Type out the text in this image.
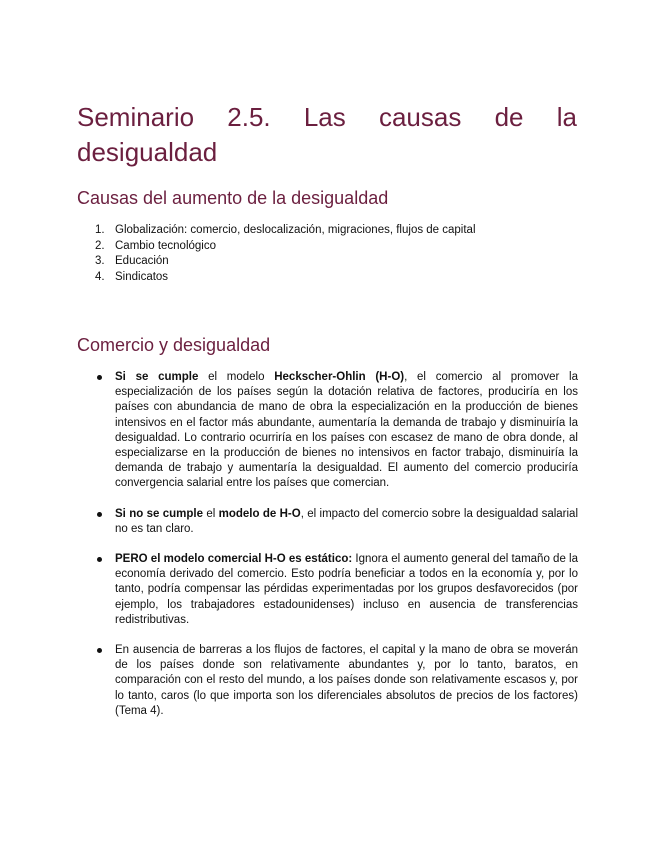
Seminario 2.5. Las causas de la
desigualdad
Causas del aumento de la desigualdad
Globalización: comercio, deslocalización, migraciones, flujos de capital
Cambio tecnológico
Educación
Sindicatos
Comercio y desigualdad

Si se cumple el modelo Heckscher-Ohlin (H-O), el comercio al promover la especialización de los países según la dotación relativa de factores, produciría en los países con abundancia de mano de obra la especialización en la producción de bienes intensivos en el factor más abundante, aumentaría la demanda de trabajo y disminuiría la desigualdad. Lo contrario ocurriría en los países con escasez de mano de obra donde, al especializarse en la producción de bienes no intensivos en factor trabajo, disminuiría la demanda de trabajo y aumentaría la desigualdad. El aumento del comercio produciría convergencia salarial entre los países que comercian.

Si no se cumple el modelo de H-O, el impacto del comercio sobre la desigualdad salarial no es tan claro.

PERO el modelo comercial H-O es estático: Ignora el aumento general del tamaño de la economía derivado del comercio. Esto podría beneficiar a todos en la economía y, por lo tanto, podría compensar las pérdidas experimentadas por los grupos desfavorecidos (por ejemplo, los trabajadores estadounidenses) incluso en ausencia de transferencias redistributivas.

En ausencia de barreras a los flujos de factores, el capital y la mano de obra se moverán de los países donde son relativamente abundantes y, por lo tanto, baratos, en comparación con el resto del mundo, a los países donde son relativamente escasos y, por lo tanto, caros (lo que importa son los diferenciales absolutos de precios de los factores) (Tema 4).
